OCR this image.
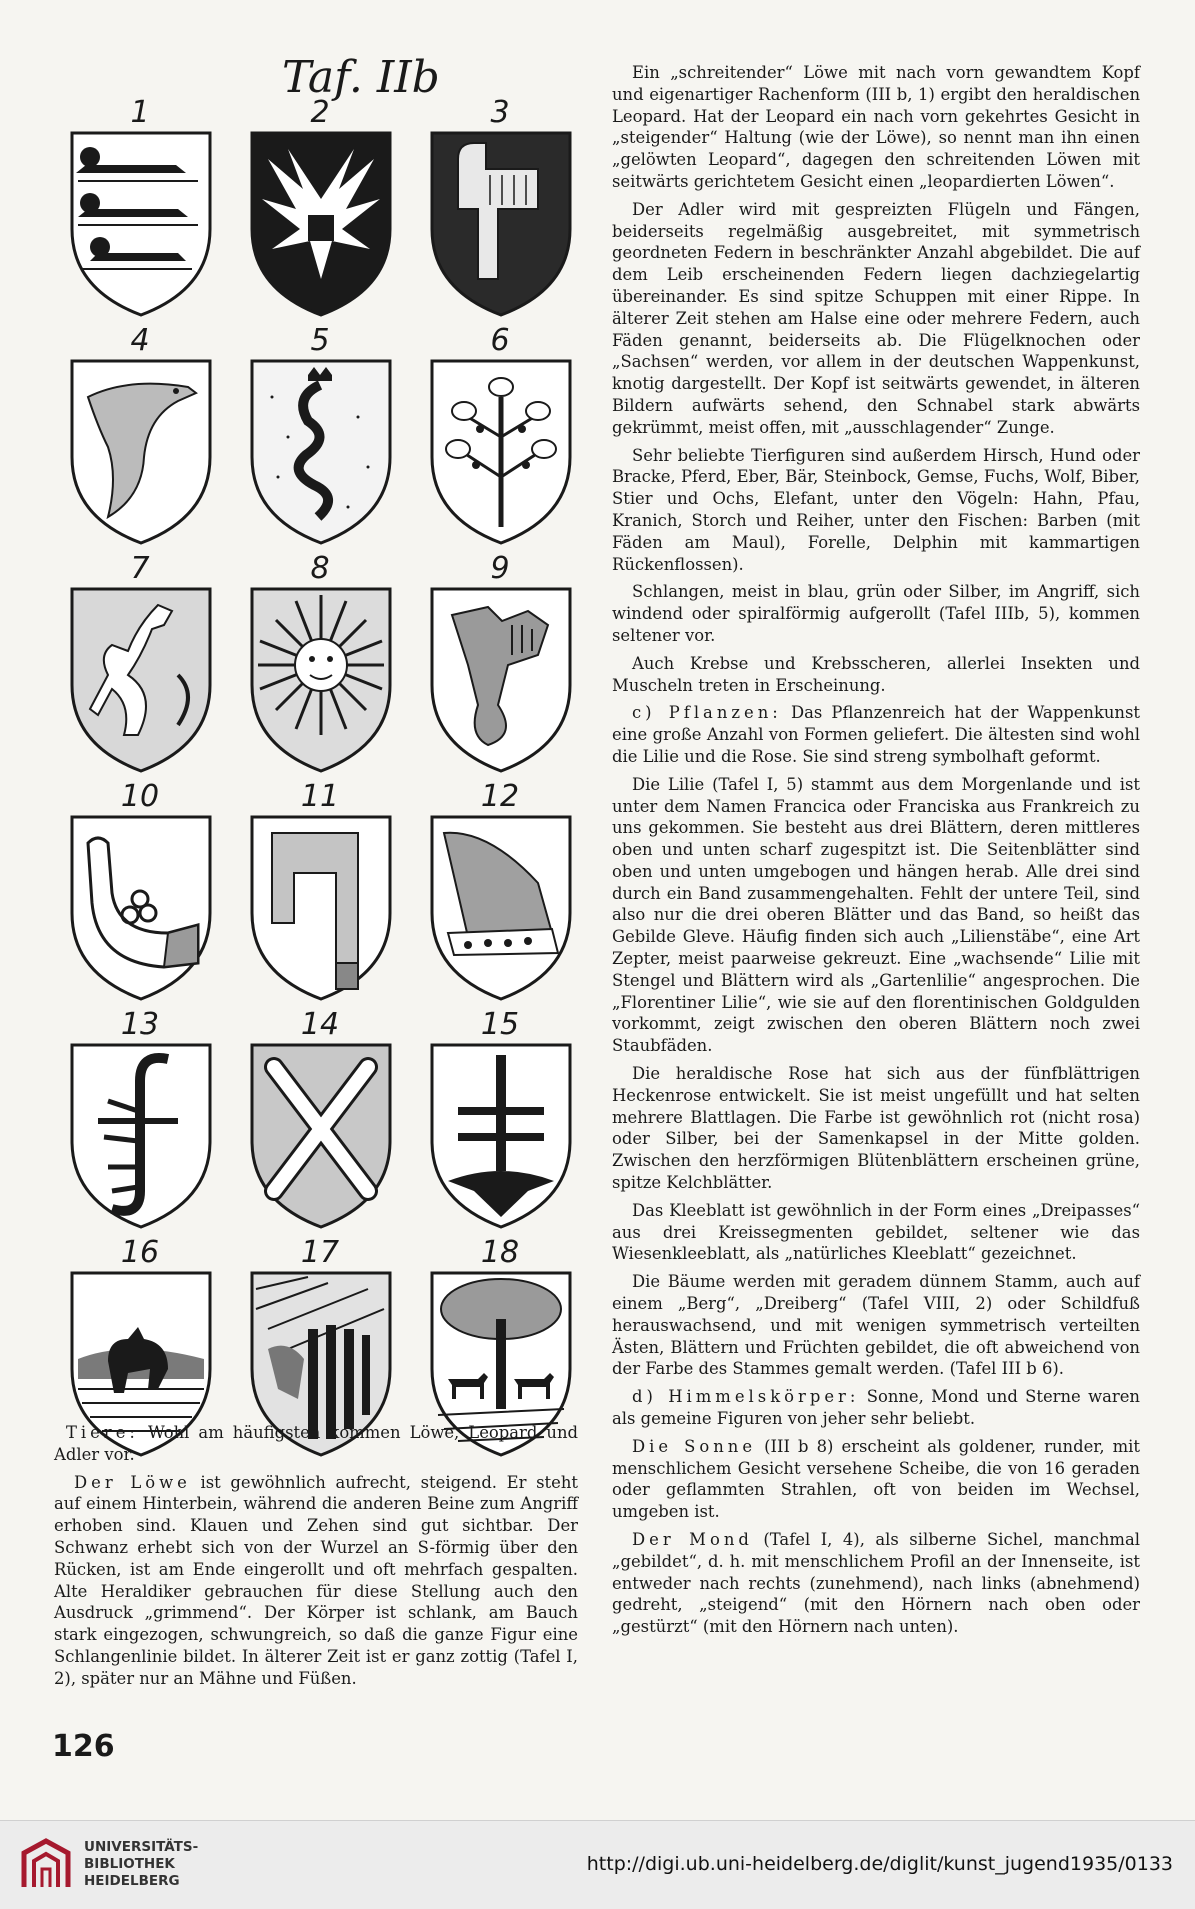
Taf. IIb
1	2	3
4	5	6
7	8	9
10	11	12
13	14	15
16	17	18

Ein „schreitender“ Löwe mit nach vorn gewandtem Kopf und eigenartiger Rachenform (III b, 1) ergibt den heraldischen Leopard. Hat der Leopard ein nach vorn gekehrtes Gesicht in „steigender“ Haltung (wie der Löwe), so nennt man ihn einen „gelöwten Leopard“, dagegen den schreitenden Löwen mit seitwärts gerichtetem Gesicht einen „leopardierten Löwen“.

Der Adler wird mit gespreizten Flügeln und Fängen, beiderseits regelmäßig ausgebreitet, mit symmetrisch geordneten Federn in beschränkter Anzahl abgebildet. Die auf dem Leib erscheinenden Federn liegen dachziegelartig übereinander. Es sind spitze Schuppen mit einer Rippe. In älterer Zeit stehen am Halse eine oder mehrere Federn, auch Fäden genannt, beiderseits ab. Die Flügelknochen oder „Sachsen“ werden, vor allem in der deutschen Wappenkunst, knotig dargestellt. Der Kopf ist seitwärts gewendet, in älteren Bildern aufwärts sehend, den Schnabel stark abwärts gekrümmt, meist offen, mit „ausschlagender“ Zunge.

Sehr beliebte Tierfiguren sind außerdem Hirsch, Hund oder Bracke, Pferd, Eber, Bär, Steinbock, Gemse, Fuchs, Wolf, Biber, Stier und Ochs, Elefant, unter den Vögeln: Hahn, Pfau, Kranich, Storch und Reiher, unter den Fischen: Barben (mit Fäden am Maul), Forelle, Delphin mit kammartigen Rückenflossen).

Schlangen, meist in blau, grün oder Silber, im Angriff, sich windend oder spiralförmig aufgerollt (Tafel IIIb, 5), kommen seltener vor.

Auch Krebse und Krebsscheren, allerlei Insekten und Muscheln treten in Erscheinung.

c) Pflanzen: Das Pflanzenreich hat der Wappenkunst eine große Anzahl von Formen geliefert. Die ältesten sind wohl die Lilie und die Rose. Sie sind streng symbolhaft geformt.

Die Lilie (Tafel I, 5) stammt aus dem Morgenlande und ist unter dem Namen Francica oder Franciska aus Frankreich zu uns gekommen. Sie besteht aus drei Blättern, deren mittleres oben und unten scharf zugespitzt ist. Die Seitenblätter sind oben und unten umgebogen und hängen herab. Alle drei sind durch ein Band zusammengehalten. Fehlt der untere Teil, sind also nur die drei oberen Blätter und das Band, so heißt das Gebilde Gleve. Häufig finden sich auch „Lilienstäbe“, eine Art Zepter, meist paarweise gekreuzt. Eine „wachsende“ Lilie mit Stengel und Blättern wird als „Gartenlilie“ angesprochen. Die „Florentiner Lilie“, wie sie auf den florentinischen Goldgulden vorkommt, zeigt zwischen den oberen Blättern noch zwei Staubfäden.

Die heraldische Rose hat sich aus der fünfblättrigen Heckenrose entwickelt. Sie ist meist ungefüllt und hat selten mehrere Blattlagen. Die Farbe ist gewöhnlich rot (nicht rosa) oder Silber, bei der Samenkapsel in der Mitte golden. Zwischen den herzförmigen Blütenblättern erscheinen grüne, spitze Kelchblätter.

Das Kleeblatt ist gewöhnlich in der Form eines „Dreipasses“ aus drei Kreissegmenten gebildet, seltener wie das Wiesenkleeblatt, als „natürliches Kleeblatt“ gezeichnet.

Die Bäume werden mit geradem dünnem Stamm, auch auf einem „Berg“, „Dreiberg“ (Tafel VIII, 2) oder Schildfuß herauswachsend, und mit wenigen symmetrisch verteilten Ästen, Blättern und Früchten gebildet, die oft abweichend von der Farbe des Stammes gemalt werden. (Tafel III b 6).

d) Himmelskörper: Sonne, Mond und Sterne waren als gemeine Figuren von jeher sehr beliebt.

Die Sonne (III b 8) erscheint als goldener, runder, mit menschlichem Gesicht versehene Scheibe, die von 16 geraden oder geflammten Strahlen, oft von beiden im Wechsel, umgeben ist.

Der Mond (Tafel I, 4), als silberne Sichel, manchmal „gebildet“, d. h. mit menschlichem Profil an der Innenseite, ist entweder nach rechts (zunehmend), nach links (abnehmend) gedreht, „steigend“ (mit den Hörnern nach oben oder „gestürzt“ (mit den Hörnern nach unten).

Tiere: Wohl am häufigsten kommen Löwe, Leopard und Adler vor.

Der Löwe ist gewöhnlich aufrecht, steigend. Er steht auf einem Hinterbein, während die anderen Beine zum Angriff erhoben sind. Klauen und Zehen sind gut sichtbar. Der Schwanz erhebt sich von der Wurzel an S-förmig über den Rücken, ist am Ende eingerollt und oft mehrfach gespalten. Alte Heraldiker gebrauchen für diese Stellung auch den Ausdruck „grimmend“. Der Körper ist schlank, am Bauch stark eingezogen, schwungreich, so daß die ganze Figur eine Schlangenlinie bildet. In älterer Zeit ist er ganz zottig (Tafel I, 2), später nur an Mähne und Füßen.

126
UNIVERSITÄTS-
BIBLIOTHEK
HEIDELBERG
http://digi.ub.uni-heidelberg.de/diglit/kunst_jugend1935/0133
